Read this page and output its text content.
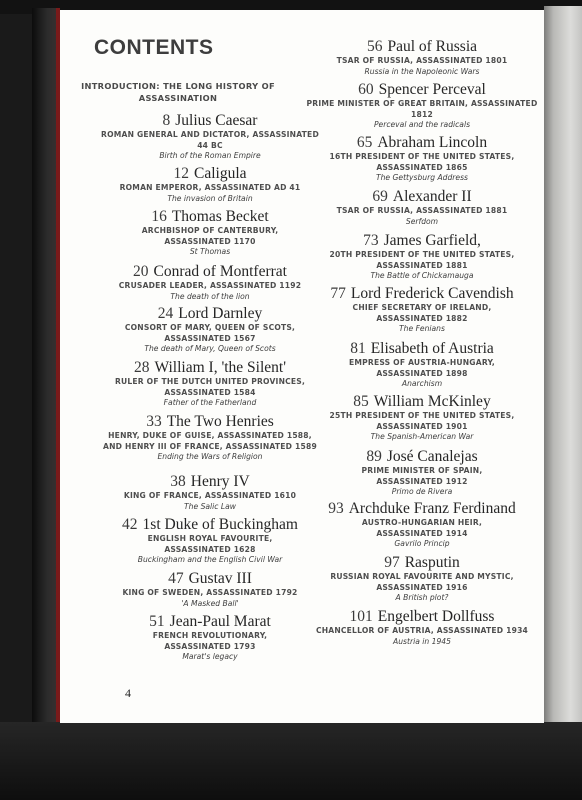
CONTENTS
INTRODUCTION: THE LONG HISTORY OF ASSASSINATION
8 Julius Caesar
ROMAN GENERAL AND DICTATOR, ASSASSINATED 44 BC
Birth of the Roman Empire
12 Caligula
ROMAN EMPEROR, ASSASSINATED AD 41
The invasion of Britain
16 Thomas Becket
ARCHBISHOP OF CANTERBURY, ASSASSINATED 1170
St Thomas
20 Conrad of Montferrat
CRUSADER LEADER, ASSASSINATED 1192
The death of the lion
24 Lord Darnley
CONSORT OF MARY, QUEEN OF SCOTS, ASSASSINATED 1567
The death of Mary, Queen of Scots
28 William I, 'the Silent'
RULER OF THE DUTCH UNITED PROVINCES, ASSASSINATED 1584
Father of the Fatherland
33 The Two Henries
HENRY, DUKE OF GUISE, ASSASSINATED 1588, AND HENRY III OF FRANCE, ASSASSINATED 1589
Ending the Wars of Religion
38 Henry IV
KING OF FRANCE, ASSASSINATED 1610
The Salic Law
42 1st Duke of Buckingham
ENGLISH ROYAL FAVOURITE, ASSASSINATED 1628
Buckingham and the English Civil War
47 Gustav III
KING OF SWEDEN, ASSASSINATED 1792
'A Masked Ball'
51 Jean-Paul Marat
FRENCH REVOLUTIONARY, ASSASSINATED 1793
Marat's legacy
56 Paul of Russia
TSAR OF RUSSIA, ASSASSINATED 1801
Russia in the Napoleonic Wars
60 Spencer Perceval
PRIME MINISTER OF GREAT BRITAIN, ASSASSINATED 1812
Perceval and the radicals
65 Abraham Lincoln
16TH PRESIDENT OF THE UNITED STATES, ASSASSINATED 1865
The Gettysburg Address
69 Alexander II
TSAR OF RUSSIA, ASSASSINATED 1881
Serfdom
73 James Garfield,
20TH PRESIDENT OF THE UNITED STATES, ASSASSINATED 1881
The Battle of Chickamauga
77 Lord Frederick Cavendish
CHIEF SECRETARY OF IRELAND, ASSASSINATED 1882
The Fenians
81 Elisabeth of Austria
EMPRESS OF AUSTRIA-HUNGARY, ASSASSINATED 1898
Anarchism
85 William McKinley
25TH PRESIDENT OF THE UNITED STATES, ASSASSINATED 1901
The Spanish-American War
89 José Canalejas
PRIME MINISTER OF SPAIN, ASSASSINATED 1912
Primo de Rivera
93 Archduke Franz Ferdinand
AUSTRO-HUNGARIAN HEIR, ASSASSINATED 1914
Gavrilo Princip
97 Rasputin
RUSSIAN ROYAL FAVOURITE AND MYSTIC, ASSASSINATED 1916
A British plot?
101 Engelbert Dollfuss
CHANCELLOR OF AUSTRIA, ASSASSINATED 1934
Austria in 1945
4
